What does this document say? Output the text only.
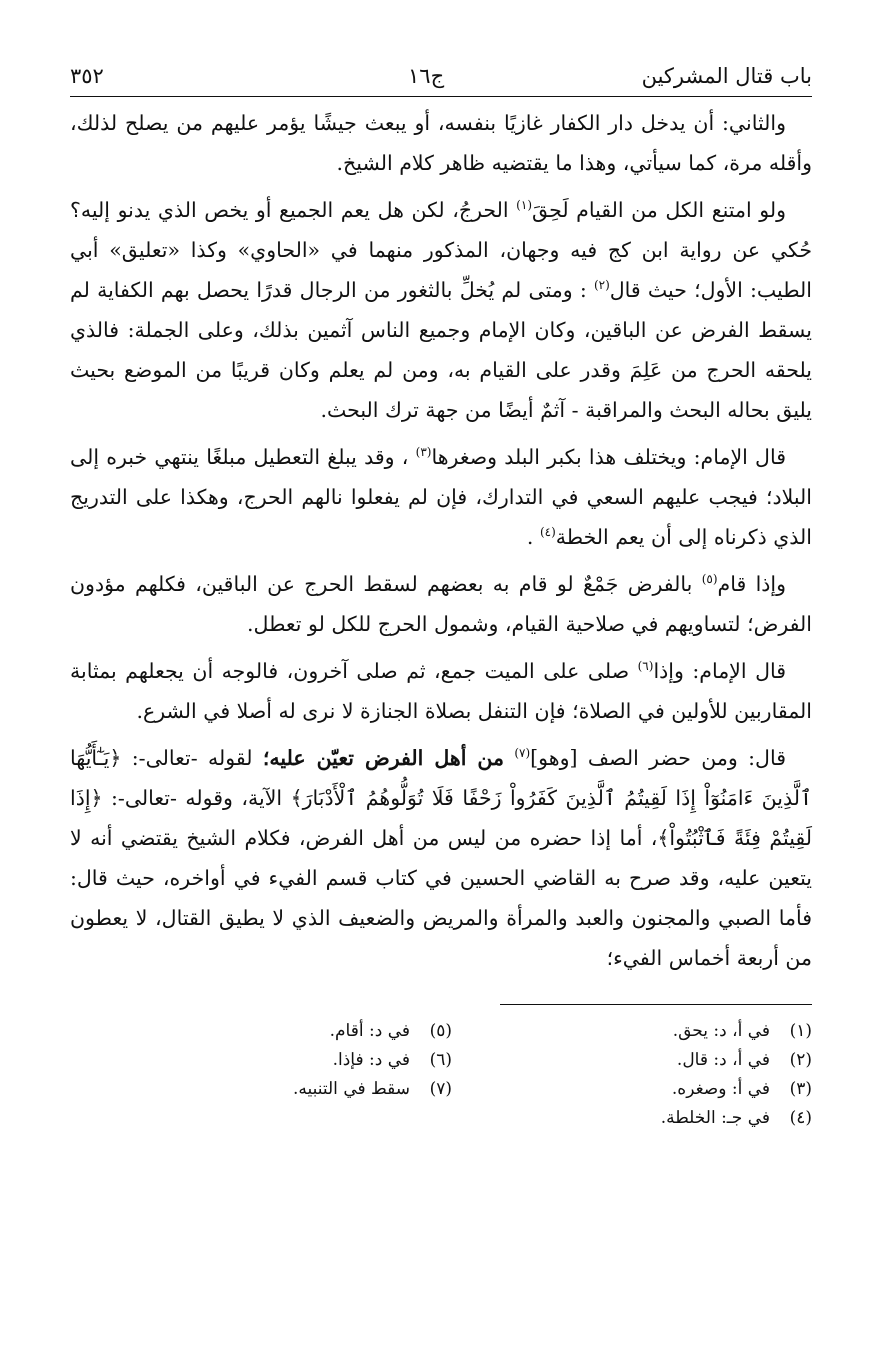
باب قتال المشركين
ج١٦
٣٥٢

والثاني: أن يدخل دار الكفار غازيًا بنفسه، أو يبعث جيشًا يؤمر عليهم من يصلح لذلك، وأقله مرة، كما سيأتي، وهذا ما يقتضيه ظاهر كلام الشيخ.

ولو امتنع الكل من القيام لَحِقَ$^{(١)}$ الحرجُ، لكن هل يعم الجميع أو يخص الذي يدنو إليه؟ حُكي عن رواية ابن كج فيه وجهان، المذكور منهما في «الحاوي» وكذا «تعليق» أبي الطيب: الأول؛ حيث قال$^{(٢)}$ : ومتى لم يُخلِّ بالثغور من الرجال قدرًا يحصل بهم الكفاية لم يسقط الفرض عن الباقين، وكان الإمام وجميع الناس آثمين بذلك، وعلى الجملة: فالذي يلحقه الحرج من عَلِمَ وقدر على القيام به، ومن لم يعلم وكان قريبًا من الموضع بحيث يليق بحاله البحث والمراقبة - آثمٌ أيضًا من جهة ترك البحث.

قال الإمام: ويختلف هذا بكبر البلد وصغرها$^{(٣)}$ ، وقد يبلغ التعطيل مبلغًا ينتهي خبره إلى البلاد؛ فيجب عليهم السعي في التدارك، فإن لم يفعلوا نالهم الحرج، وهكذا على التدريج الذي ذكرناه إلى أن يعم الخطة$^{(٤)}$ .

وإذا قام$^{(٥)}$ بالفرض جَمْعٌ لو قام به بعضهم لسقط الحرج عن الباقين، فكلهم مؤدون الفرض؛ لتساويهم في صلاحية القيام، وشمول الحرج للكل لو تعطل.

قال الإمام: وإذا$^{(٦)}$ صلى على الميت جمع، ثم صلى آخرون، فالوجه أن يجعلهم بمثابة المقاربين للأولين في الصلاة؛ فإن التنفل بصلاة الجنازة لا نرى له أصلا في الشرع.

قال: ومن حضر الصف [وهو]$^{(٧)}$ من أهل الفرض تعيّن عليه؛ لقوله -تعالى-: ﴿يَـٰٓأَيُّهَا ٱلَّذِينَ ءَامَنُوٓاْ إِذَا لَقِيتُمُ ٱلَّذِينَ كَفَرُواْ زَحْفًا فَلَا تُوَلُّوهُمُ ٱلْأَدْبَارَ﴾ الآية، وقوله -تعالى-: ﴿إِذَا لَقِيتُمْ فِئَةً فَٱثْبُتُواْ﴾، أما إذا حضره من ليس من أهل الفرض، فكلام الشيخ يقتضي أنه لا يتعين عليه، وقد صرح به القاضي الحسين في كتاب قسم الفيء في أواخره، حيث قال: فأما الصبي والمجنون والعبد والمرأة والمريض والضعيف الذي لا يطيق القتال، لا يعطون من أربعة أخماس الفيء؛

(١)في أ، د: يحق.
(٢)في أ، د: قال.
(٣)في أ: وصغره.
(٤)في جـ: الخلطة.
(٥)في د: أقام.
(٦)في د: فإذا.
(٧)سقط في التنبيه.
